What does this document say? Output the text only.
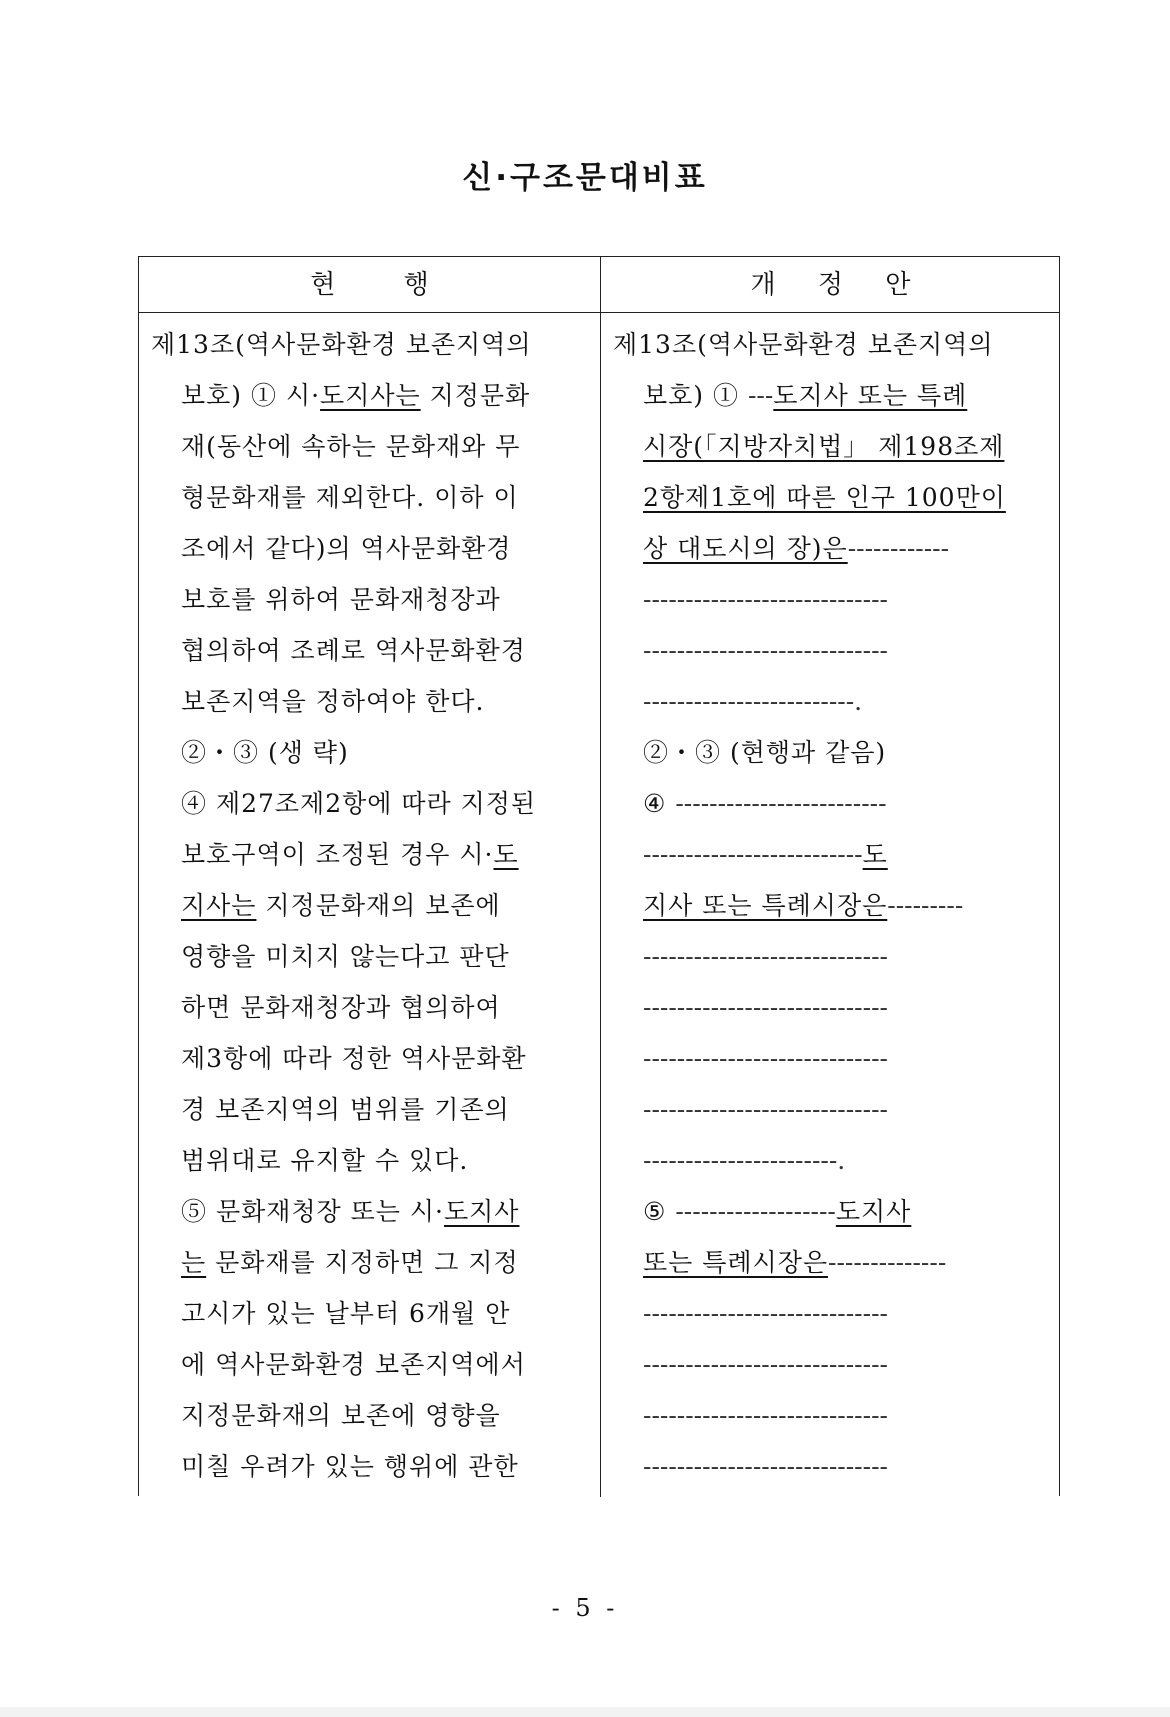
신·구조문대비표
현 행	개 정 안
제13조(역사문화환경 보존지역의
보호) ① 시·도지사는 지정문화
재(동산에 속하는 문화재와 무
형문화재를 제외한다. 이하 이
조에서 같다)의 역사문화환경
보호를 위하여 문화재청장과
협의하여 조례로 역사문화환경
보존지역을 정하여야 한다.
②・③ (생 략)
④ 제27조제2항에 따라 지정된
보호구역이 조정된 경우 시·도
지사는 지정문화재의 보존에
영향을 미치지 않는다고 판단
하면 문화재청장과 협의하여
제3항에 따라 정한 역사문화환
경 보존지역의 범위를 기존의
범위대로 유지할 수 있다.
⑤ 문화재청장 또는 시·도지사
는 문화재를 지정하면 그 지정
고시가 있는 날부터 6개월 안
에 역사문화환경 보존지역에서
지정문화재의 보존에 영향을
미칠 우려가 있는 행위에 관한
제13조(역사문화환경 보존지역의
보호) ① ---도지사 또는 특례
시장(「지방자치법」 제198조제
2항제1호에 따른 인구 100만이
상 대도시의 장)은------------
-----------------------------
-----------------------------
-------------------------.
②・③ (현행과 같음)
④ -------------------------
--------------------------도
지사 또는 특례시장은---------
-----------------------------
-----------------------------
-----------------------------
-----------------------------
-----------------------.
⑤ -------------------도지사
또는 특례시장은--------------
-----------------------------
-----------------------------
-----------------------------
-----------------------------
- 5 -
